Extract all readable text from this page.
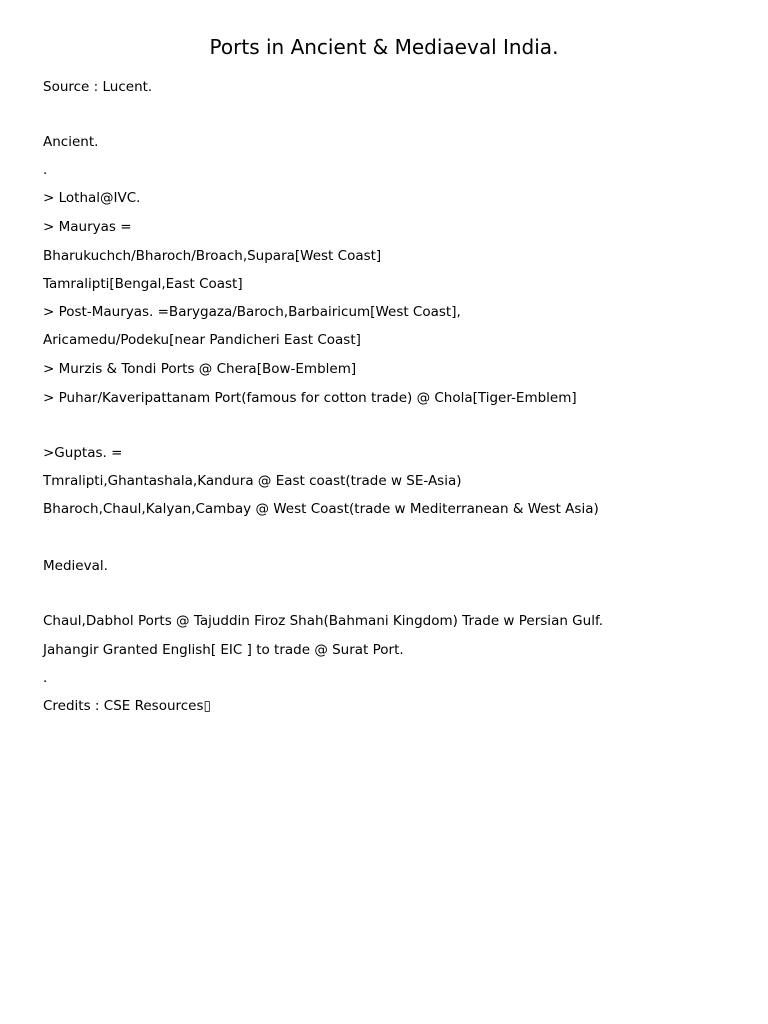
Ports in Ancient & Mediaeval India.
Source : Lucent.
Ancient.
.
> Lothal@IVC.
> Mauryas =
Bharukuchch/Bharoch/Broach,Supara[West Coast]
Tamralipti[Bengal,East Coast]
> Post-Mauryas. =Barygaza/Baroch,Barbairicum[West Coast],
Aricamedu/Podeku[near Pandicheri East Coast]
> Murzis & Tondi Ports @ Chera[Bow-Emblem]
> Puhar/Kaveripattanam Port(famous for cotton trade) @ Chola[Tiger-Emblem]
>Guptas. =
Tmralipti,Ghantashala,Kandura @ East coast(trade w SE-Asia)
Bharoch,Chaul,Kalyan,Cambay @ West Coast(trade w Mediterranean & West Asia)
Medieval.
Chaul,Dabhol Ports @ Tajuddin Firoz Shah(Bahmani Kingdom) Trade w Persian Gulf.
Jahangir Granted English[ EIC ] to trade @ Surat Port.
.
Credits : CSE Resources▯
